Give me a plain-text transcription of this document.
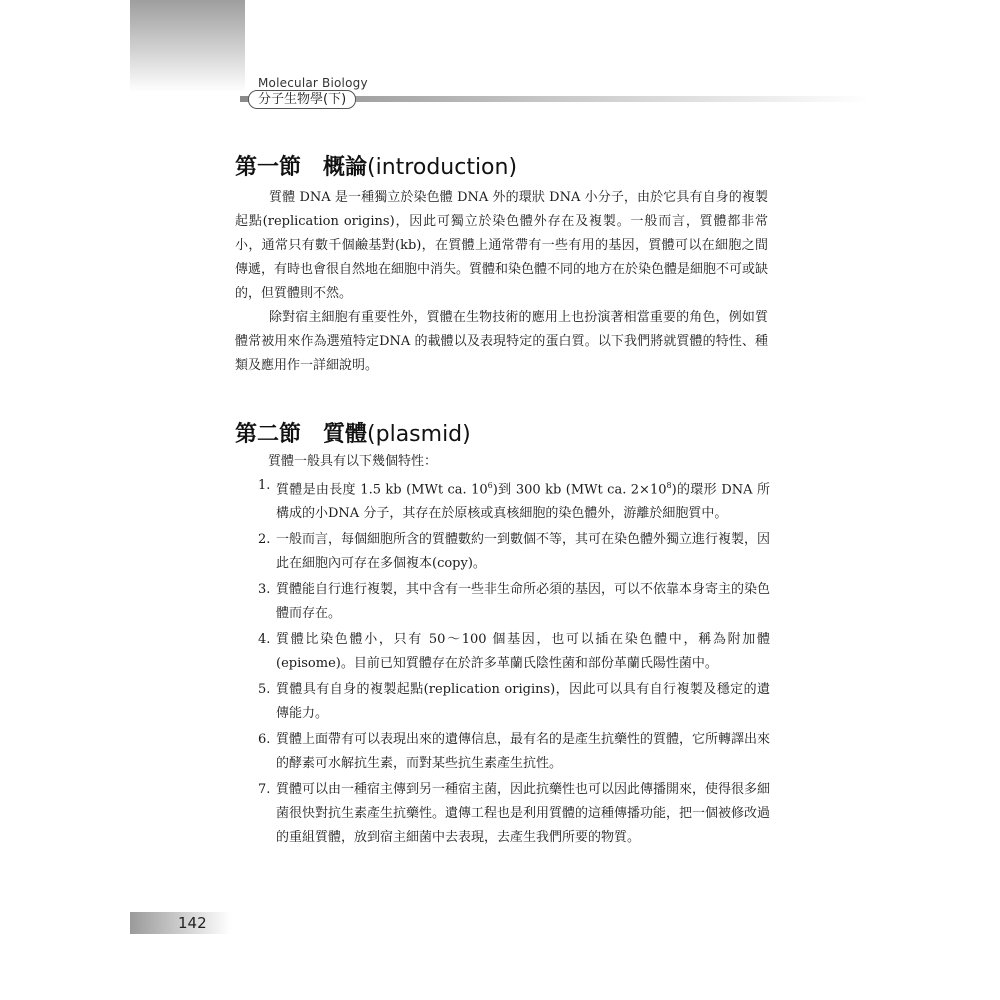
Molecular Biology
分子生物學(下)
第一節 概論(introduction)

質體 DNA 是一種獨立於染色體 DNA 外的環狀 DNA 小分子，由於它具有自身的複製起點(replication origins)，因此可獨立於染色體外存在及複製。一般而言，質體都非常小，通常只有數千個鹼基對(kb)，在質體上通常帶有一些有用的基因，質體可以在細胞之間傳遞，有時也會很自然地在細胞中消失。質體和染色體不同的地方在於染色體是細胞不可或缺的，但質體則不然。

除對宿主細胞有重要性外，質體在生物技術的應用上也扮演著相當重要的角色，例如質體常被用來作為選殖特定DNA 的載體以及表現特定的蛋白質。以下我們將就質體的特性、種類及應用作一詳細說明。

第二節 質體(plasmid)

質體一般具有以下幾個特性：

1. 質體是由長度 1.5 kb (MWt ca. $10^6$)到 300 kb (MWt ca. $2\times 10^8$)的環形 DNA 所構成的小DNA 分子，其存在於原核或真核細胞的染色體外，游離於細胞質中。
2. 一般而言，每個細胞所含的質體數約一到數個不等，其可在染色體外獨立進行複製，因此在細胞內可存在多個複本(copy)。
3. 質體能自行進行複製，其中含有一些非生命所必須的基因，可以不依靠本身寄主的染色體而存在。
4. 質體比染色體小，只有 50～100 個基因，也可以插在染色體中，稱為附加體(episome)。目前已知質體存在於許多革蘭氏陰性菌和部份革蘭氏陽性菌中。
5. 質體具有自身的複製起點(replication origins)，因此可以具有自行複製及穩定的遺傳能力。
6. 質體上面帶有可以表現出來的遺傳信息，最有名的是產生抗藥性的質體，它所轉譯出來的酵素可水解抗生素，而對某些抗生素產生抗性。
7. 質體可以由一種宿主傳到另一種宿主菌，因此抗藥性也可以因此傳播開來，使得很多細菌很快對抗生素產生抗藥性。遺傳工程也是利用質體的這種傳播功能，把一個被修改過的重組質體，放到宿主細菌中去表現，去產生我們所要的物質。
142
